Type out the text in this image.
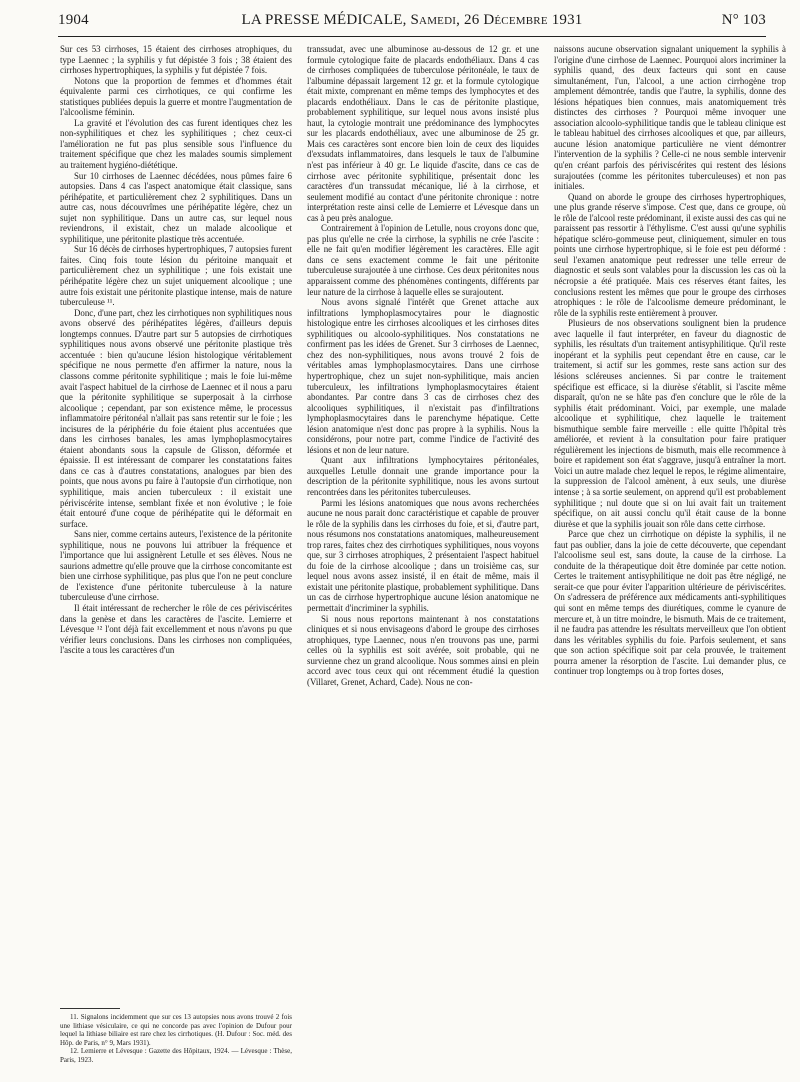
1904	LA PRESSE MÉDICALE, Samedi, 26 Décembre 1931	N° 103

Sur ces 53 cirrhoses, 15 étaient des cirrhoses atrophiques, du type Laennec ; la syphilis y fut dépistée 3 fois ; 38 étaient des cirrhoses hypertrophiques, la syphilis y fut dépistée 7 fois.

Notons que la proportion de femmes et d'hommes était équivalente parmi ces cirrhotiques, ce qui confirme les statistiques publiées depuis la guerre et montre l'augmentation de l'alcoolisme féminin.

La gravité et l'évolution des cas furent identiques chez les non-syphilitiques et chez les syphilitiques ; chez ceux-ci l'amélioration ne fut pas plus sensible sous l'influence du traitement spécifique que chez les malades soumis simplement au traitement hygiéno-diététique.

Sur 10 cirrhoses de Laennec décédées, nous pûmes faire 6 autopsies. Dans 4 cas l'aspect anatomique était classique, sans périhépatite, et particulièrement chez 2 syphilitiques. Dans un autre cas, nous découvrîmes une périhépatite légère, chez un sujet non syphilitique. Dans un autre cas, sur lequel nous reviendrons, il existait, chez un malade alcoolique et syphilitique, une péritonite plastique très accentuée.

Sur 16 décès de cirrhoses hypertrophiques, 7 autopsies furent faites. Cinq fois toute lésion du péritoine manquait et particulièrement chez un syphilitique ; une fois existait une périhépatite légère chez un sujet uniquement alcoolique ; une autre fois existait une péritonite plastique intense, mais de nature tuberculeuse ¹¹.

Donc, d'une part, chez les cirrhotiques non syphilitiques nous avons observé des périhépatites légères, d'ailleurs depuis longtemps connues. D'autre part sur 5 autopsies de cirrhotiques syphilitiques nous avons observé une péritonite plastique très accentuée : bien qu'aucune lésion histologique véritablement spécifique ne nous permette d'en affirmer la nature, nous la classons comme péritonite syphilitique ; mais le foie lui-même avait l'aspect habituel de la cirrhose de Laennec et il nous a paru que la péritonite syphilitique se superposait à la cirrhose alcoolique ; cependant, par son existence même, le processus inflammatoire péritonéal n'allait pas sans retentir sur le foie ; les incisures de la périphérie du foie étaient plus accentuées que dans les cirrhoses banales, les amas lymphoplasmocytaires étaient abondants sous la capsule de Glisson, déformée et épaissie. Il est intéressant de comparer les constatations faites dans ce cas à d'autres constatations, analogues par bien des points, que nous avons pu faire à l'autopsie d'un cirrhotique, non syphilitique, mais ancien tuberculeux : il existait une périviscérite intense, semblant fixée et non évolutive ; le foie était entouré d'une coque de périhépatite qui le déformait en surface.

Sans nier, comme certains auteurs, l'existence de la péritonite syphilitique, nous ne pouvons lui attribuer la fréquence et l'importance que lui assignèrent Letulle et ses élèves. Nous ne saurions admettre qu'elle prouve que la cirrhose concomitante est bien une cirrhose syphilitique, pas plus que l'on ne peut conclure de l'existence d'une péritonite tuberculeuse à la nature tuberculeuse d'une cirrhose.

Il était intéressant de rechercher le rôle de ces périviscérites dans la genèse et dans les caractères de l'ascite. Lemierre et Lévesque ¹² l'ont déjà fait excellemment et nous n'avons pu que vérifier leurs conclusions. Dans les cirrhoses non compliquées, l'ascite a tous les caractères d'un

transsudat, avec une albuminose au-dessous de 12 gr. et une formule cytologique faite de placards endothéliaux. Dans 4 cas de cirrhoses compliquées de tuberculose péritonéale, le taux de l'albumine dépassait largement 12 gr. et la formule cytologique était mixte, comprenant en même temps des lymphocytes et des placards endothéliaux. Dans le cas de péritonite plastique, probablement syphilitique, sur lequel nous avons insisté plus haut, la cytologie montrait une prédominance des lymphocytes sur les placards endothéliaux, avec une albuminose de 25 gr. Mais ces caractères sont encore bien loin de ceux des liquides d'exsudats inflammatoires, dans lesquels le taux de l'albumine n'est pas inférieur à 40 gr. Le liquide d'ascite, dans ce cas de cirrhose avec péritonite syphilitique, présentait donc les caractères d'un transsudat mécanique, lié à la cirrhose, et seulement modifié au contact d'une péritonite chronique : notre interprétation reste ainsi celle de Lemierre et Lévesque dans un cas à peu près analogue.

Contrairement à l'opinion de Letulle, nous croyons donc que, pas plus qu'elle ne crée la cirrhose, la syphilis ne crée l'ascite : elle ne fait qu'en modifier légèrement les caractères. Elle agit dans ce sens exactement comme le fait une péritonite tuberculeuse surajoutée à une cirrhose. Ces deux péritonites nous apparaissent comme des phénomènes contingents, différents par leur nature de la cirrhose à laquelle elles se surajoutent.

Nous avons signalé l'intérêt que Grenet attache aux infiltrations lymphoplasmocytaires pour le diagnostic histologique entre les cirrhoses alcooliques et les cirrhoses dites syphilitiques ou alcoolo-syphilitiques. Nos constatations ne confirment pas les idées de Grenet. Sur 3 cirrhoses de Laennec, chez des non-syphilitiques, nous avons trouvé 2 fois de véritables amas lymphoplasmocytaires. Dans une cirrhose hypertrophique, chez un sujet non-syphilitique, mais ancien tuberculeux, les infiltrations lymphoplasmocytaires étaient abondantes. Par contre dans 3 cas de cirrhoses chez des alcooliques syphilitiques, il n'existait pas d'infiltrations lymphoplasmocytaires dans le parenchyme hépatique. Cette lésion anatomique n'est donc pas propre à la syphilis. Nous la considérons, pour notre part, comme l'indice de l'activité des lésions et non de leur nature.

Quant aux infiltrations lymphocytaires péritonéales, auxquelles Letulle donnait une grande importance pour la description de la péritonite syphilitique, nous les avons surtout rencontrées dans les péritonites tuberculeuses.

Parmi les lésions anatomiques que nous avons recherchées aucune ne nous parait donc caractéristique et capable de prouver le rôle de la syphilis dans les cirrhoses du foie, et si, d'autre part, nous résumons nos constatations anatomiques, malheureusement trop rares, faites chez des cirrhotiques syphilitiques, nous voyons que, sur 3 cirrhoses atrophiques, 2 présentaient l'aspect habituel du foie de la cirrhose alcoolique ; dans un troisième cas, sur lequel nous avons assez insisté, il en était de même, mais il existait une péritonite plastique, probablement syphilitique. Dans un cas de cirrhose hypertrophique aucune lésion anatomique ne permettait d'incriminer la syphilis.

Si nous nous reportons maintenant à nos constatations cliniques et si nous envisageons d'abord le groupe des cirrhoses atrophiques, type Laennec, nous n'en trouvons pas une, parmi celles où la syphilis est soit avérée, soit probable, qui ne survienne chez un grand alcoolique. Nous sommes ainsi en plein accord avec tous ceux qui ont récemment étudié la question (Villaret, Grenet, Achard, Cade). Nous ne con-

naissons aucune observation signalant uniquement la syphilis à l'origine d'une cirrhose de Laennec. Pourquoi alors incriminer la syphilis quand, des deux facteurs qui sont en cause simultanément, l'un, l'alcool, a une action cirrhogène trop amplement démontrée, tandis que l'autre, la syphilis, donne des lésions hépatiques bien connues, mais anatomiquement très distinctes des cirrhoses ? Pourquoi même invoquer une association alcoolo-syphilitique tandis que le tableau clinique est le tableau habituel des cirrhoses alcooliques et que, par ailleurs, aucune lésion anatomique particulière ne vient démontrer l'intervention de la syphilis ? Celle-ci ne nous semble intervenir qu'en créant parfois des périviscérites qui restent des lésions surajoutées (comme les péritonites tuberculeuses) et non pas initiales.

Quand on aborde le groupe des cirrhoses hypertrophiques, une plus grande réserve s'impose. C'est que, dans ce groupe, où le rôle de l'alcool reste prédominant, il existe aussi des cas qui ne paraissent pas ressortir à l'éthylisme. C'est aussi qu'une syphilis hépatique scléro-gommeuse peut, cliniquement, simuler en tous points une cirrhose hypertrophique, si le foie est peu déformé : seul l'examen anatomique peut redresser une telle erreur de diagnostic et seuls sont valables pour la discussion les cas où la nécropsie a été pratiquée. Mais ces réserves étant faites, les conclusions restent les mêmes que pour le groupe des cirrhoses atrophiques : le rôle de l'alcoolisme demeure prédominant, le rôle de la syphilis reste entièrement à prouver.

Plusieurs de nos observations soulignent bien la prudence avec laquelle il faut interpréter, en faveur du diagnostic de syphilis, les résultats d'un traitement antisyphilitique. Qu'il reste inopérant et la syphilis peut cependant être en cause, car le traitement, si actif sur les gommes, reste sans action sur des lésions scléreuses anciennes. Si par contre le traitement spécifique est efficace, si la diurèse s'établit, si l'ascite même disparaît, qu'on ne se hâte pas d'en conclure que le rôle de la syphilis était prédominant. Voici, par exemple, une malade alcoolique et syphilitique, chez laquelle le traitement bismuthique semble faire merveille : elle quitte l'hôpital très améliorée, et revient à la consultation pour faire pratiquer régulièrement les injections de bismuth, mais elle recommence à boire et rapidement son état s'aggrave, jusqu'à entraîner la mort. Voici un autre malade chez lequel le repos, le régime alimentaire, la suppression de l'alcool amènent, à eux seuls, une diurèse intense ; à sa sortie seulement, on apprend qu'il est probablement syphilitique ; nul doute que si on lui avait fait un traitement spécifique, on ait aussi conclu qu'il était cause de la bonne diurèse et que la syphilis jouait son rôle dans cette cirrhose.

Parce que chez un cirrhotique on dépiste la syphilis, il ne faut pas oublier, dans la joie de cette découverte, que cependant l'alcoolisme seul est, sans doute, la cause de la cirrhose. La conduite de la thérapeutique doit être dominée par cette notion. Certes le traitement antisyphilitique ne doit pas être négligé, ne serait-ce que pour éviter l'apparition ultérieure de périviscérites. On s'adressera de préférence aux médicaments anti-syphilitiques qui sont en même temps des diurétiques, comme le cyanure de mercure et, à un titre moindre, le bismuth. Mais de ce traitement, il ne faudra pas attendre les résultats merveilleux que l'on obtient dans les véritables syphilis du foie. Parfois seulement, et sans que son action spécifique soit par cela prouvée, le traitement pourra amener la résorption de l'ascite. Lui demander plus, ce continuer trop longtemps ou à trop fortes doses,

11. Signalons incidemment que sur ces 13 autopsies nous avons trouvé 2 fois une lithiase vésiculaire, ce qui ne concorde pas avec l'opinion de Dufour pour lequel la lithiase biliaire est rare chez les cirrhotiques. (H. Dufour : Soc. méd. des Hôp. de Paris, n° 9, Mars 1931).

12. Lemierre et Lévesque : Gazette des Hôpitaux, 1924. — Lévesque : Thèse, Paris, 1923.
